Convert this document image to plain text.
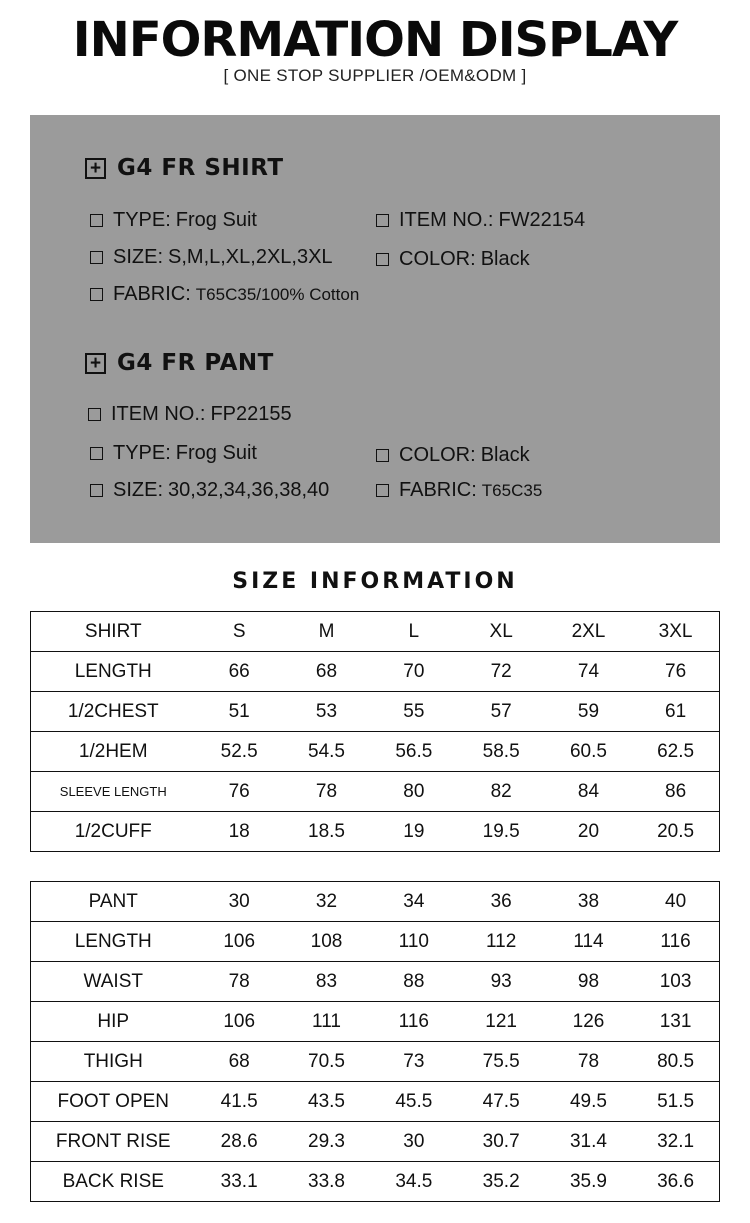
INFORMATION DISPLAY
[ ONE STOP SUPPLIER /OEM&ODM ]
+ G4 FR SHIRT
TYPE: Frog Suit	ITEM NO.: FW22154
SIZE: S,M,L,XL,2XL,3XL	COLOR: Black
FABRIC: T65C35/100% Cotton
+ G4 FR PANT
ITEM NO.: FP22155
TYPE: Frog Suit	COLOR: Black
SIZE: 30,32,34,36,38,40	FABRIC: T65C35
SIZE INFORMATION
SHIRT	S	M	L	XL	2XL	3XL
LENGTH	66	68	70	72	74	76
1/2CHEST	51	53	55	57	59	61
1/2HEM	52.5	54.5	56.5	58.5	60.5	62.5
SLEEVE LENGTH	76	78	80	82	84	86
1/2CUFF	18	18.5	19	19.5	20	20.5
PANT	30	32	34	36	38	40
LENGTH	106	108	110	112	114	116
WAIST	78	83	88	93	98	103
HIP	106	111	116	121	126	131
THIGH	68	70.5	73	75.5	78	80.5
FOOT OPEN	41.5	43.5	45.5	47.5	49.5	51.5
FRONT RISE	28.6	29.3	30	30.7	31.4	32.1
BACK RISE	33.1	33.8	34.5	35.2	35.9	36.6
